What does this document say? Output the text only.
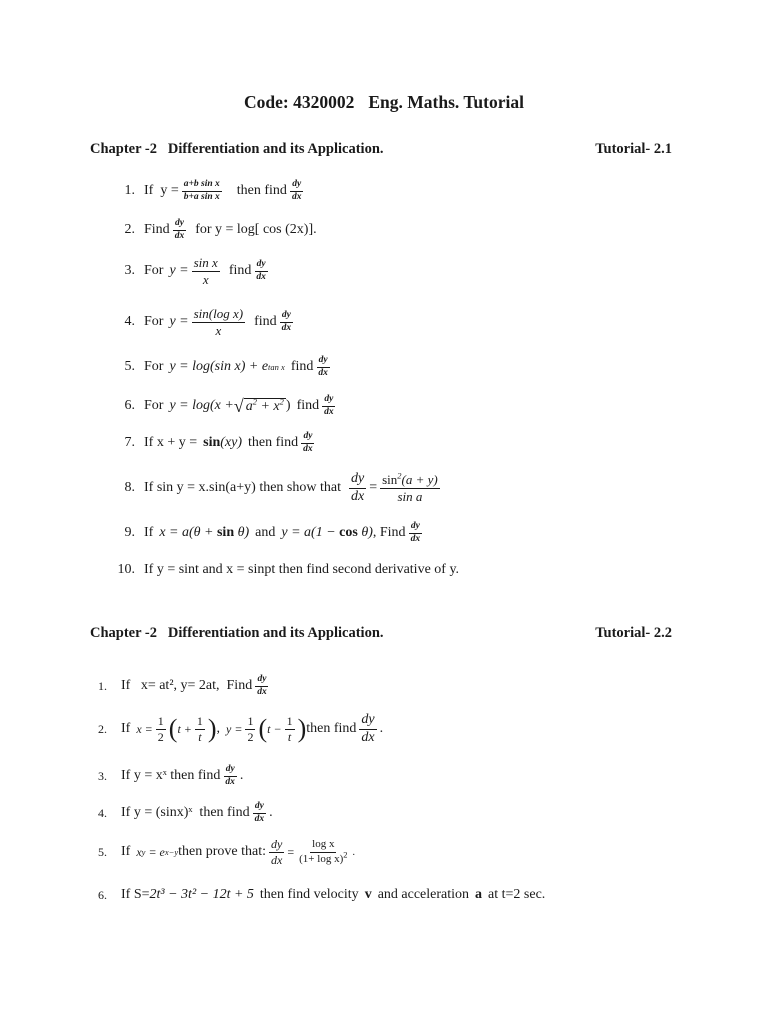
Code: 4320002 Eng. Maths. Tutorial
Chapter -2   Differentiation and its Application.	Tutorial- 2.1
1. If  $y = \frac{\text{a+b sin x}}{\text{b+a sin x}}$ then find $\frac{dy}{dx}$
2. Find $\frac{dy}{dx}$ for y = log[ cos (2x)].
3. For $y = \frac{\text{sin x}}{x}$ find $\frac{dy}{dx}$
4. For $y = \frac{\text{sin(log x)}}{x}$ find $\frac{dy}{dx}$
5. For y = log(sin x) + e tan x find $\frac{dy}{dx}$
6. For y = log(x + √ $a^2 + x^2$ ) find $\frac{dy}{dx}$
7. If x + y = sin (xy) then find $\frac{dy}{dx}$
8. If sin y = x.sin(a+y) then show that $\frac{dy}{dx} = \frac{\sin^2(a + y)}{\text{sin a}}$
9. If x = a(θ + sin θ) and y = a(1 − cos θ) , Find $\frac{dy}{dx}$
10. If y = sint and x = sinpt then find second derivative of y.
Chapter -2   Differentiation and its Application.	Tutorial- 2.2
1. If   x= at², y= 2at,  Find $\frac{dy}{dx}$
2. If $x = \frac{1}{2}$ ( $t + \frac{1}{t}$ ) , $y = \frac{1}{2}$ ( $t - \frac{1}{t}$ ) then find $\frac{dy}{dx}$ .
3. If y = xˣ then find $\frac{dy}{dx}$ .
4. If y = (sinx)ˣ  then find $\frac{dy}{dx}$ .
5. If x y = e x−y then prove that: $\frac{dy}{dx} = \frac{\text{log x}}{(1+ \log x)^2}$ .
6. If S= 2t³ − 3t² − 12t + 5 then find velocity v and acceleration a at t=2 sec.
